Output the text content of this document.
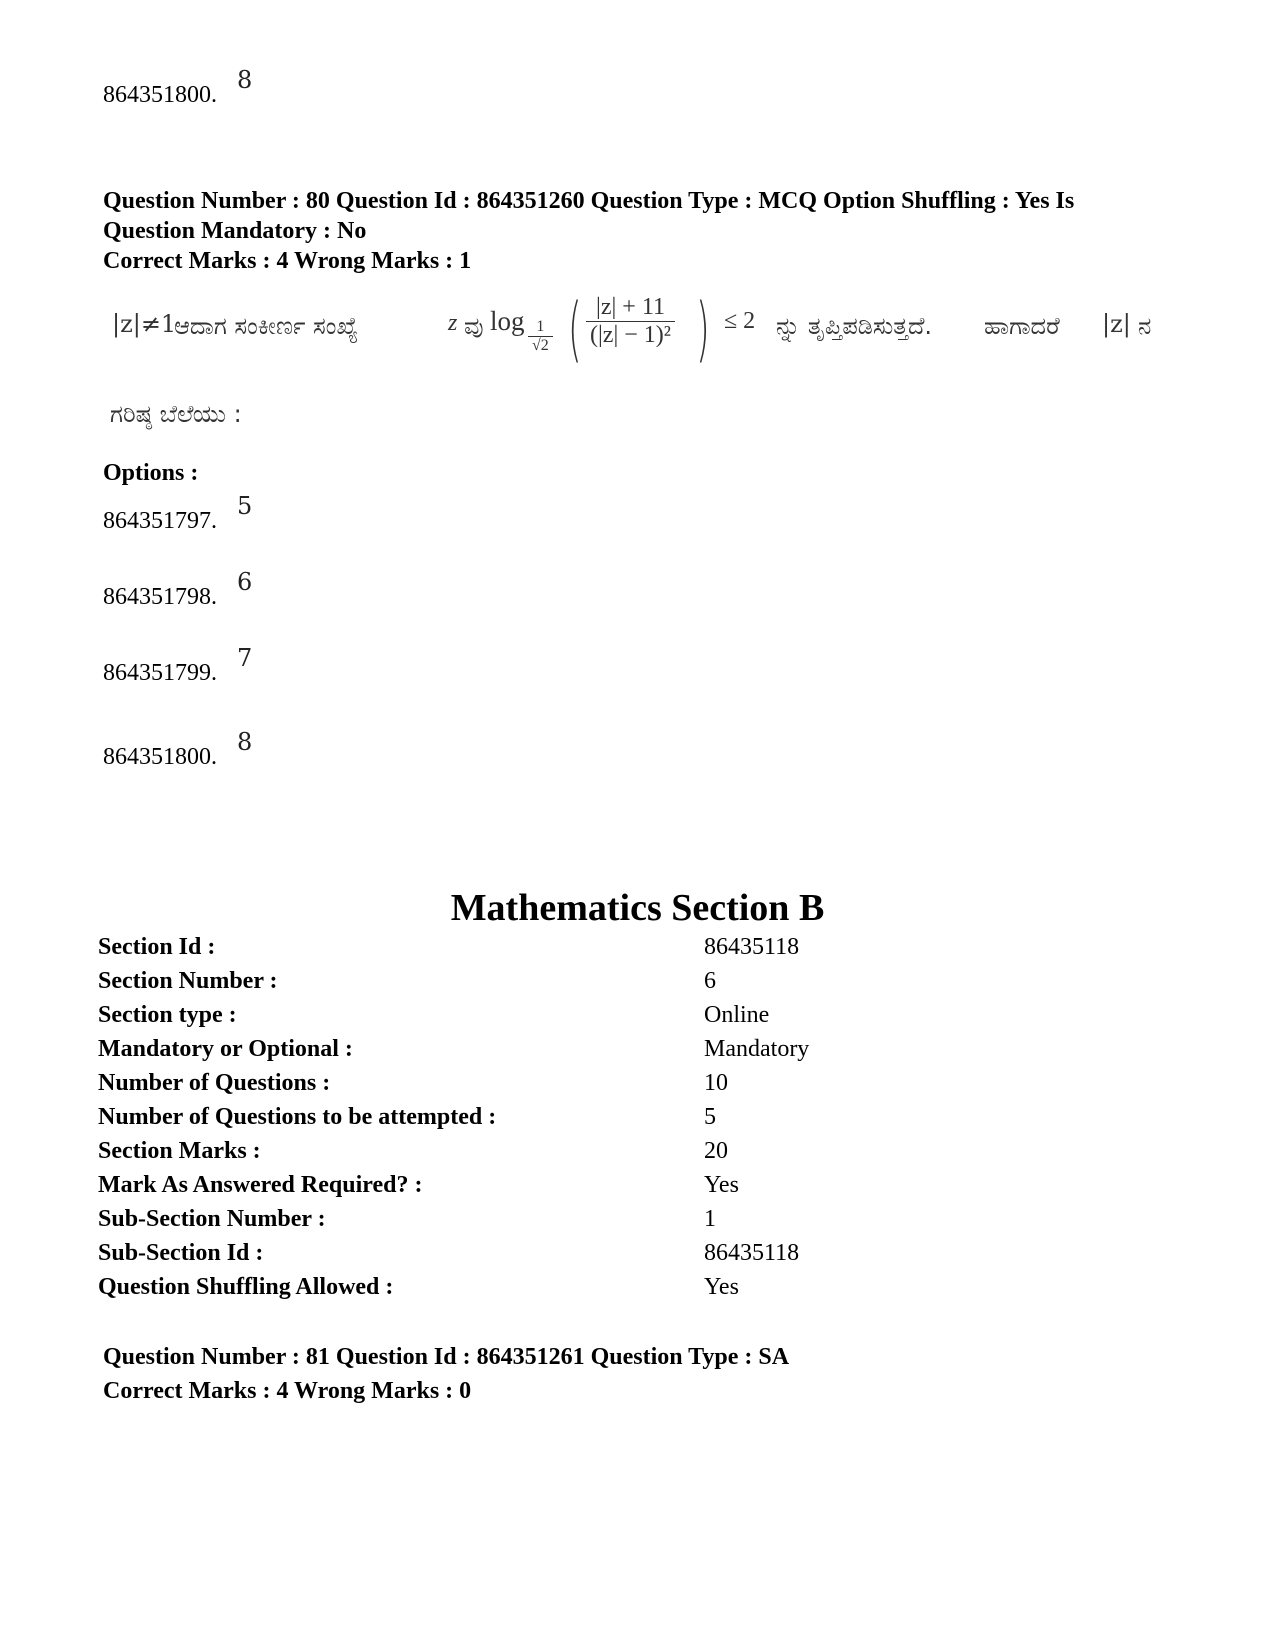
864351800.
8
Question Number : 80 Question Id : 864351260 Question Type : MCQ Option Shuffling : Yes Is
Question Mandatory : No
Correct Marks : 4 Wrong Marks : 1
|z|≠1
ಆದಾಗ ಸಂಕೀರ್ಣ ಸಂಖ್ಯೆ	z ವು $\log \frac{1}{√2}$ ( $\frac{|z| + 11}{\text{(|z| − 1)²}}$ ) ≤ 2 ನ್ನು ತೃಪ್ತಿಪಡಿಸುತ್ತದೆ. ಹಾಗಾದರೆ |z| ನ
ಗರಿಷ್ಠ ಬೆಲೆಯು :
Options :
864351797.
5
864351798.
6
864351799.
7
864351800.
8
Mathematics Section B
Section Id :	86435118
Section Number :	6
Section type :	Online
Mandatory or Optional :	Mandatory
Number of Questions :	10
Number of Questions to be attempted :	5
Section Marks :	20
Mark As Answered Required? :	Yes
Sub-Section Number :	1
Sub-Section Id :	86435118
Question Shuffling Allowed :	Yes
Question Number : 81 Question Id : 864351261 Question Type : SA
Correct Marks : 4 Wrong Marks : 0
